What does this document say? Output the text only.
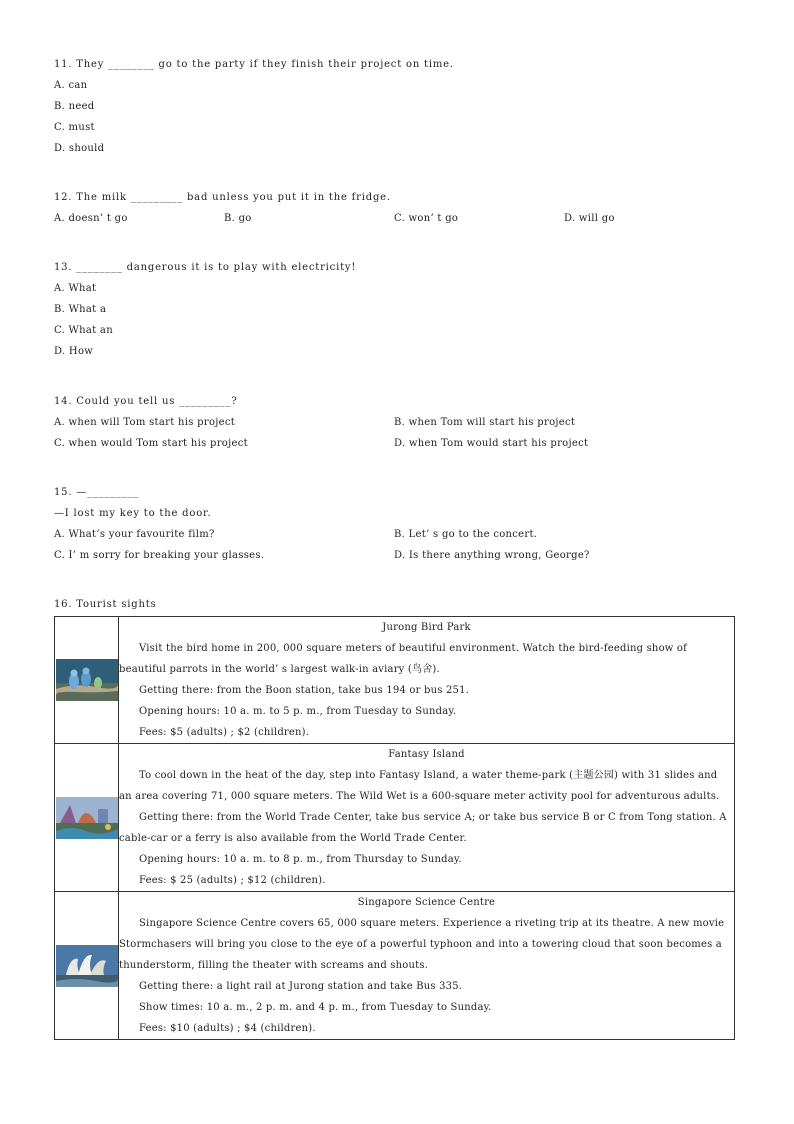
11. They ________ go to the party if they finish their project on time.
A. can
B. need
C. must
D. should
12. The milk _________ bad unless you put it in the fridge.
A. doesn’ t go	B. go	C. won’ t go	D. will go
13. ________ dangerous it is to play with electricity!
A. What
B. What a
C. What an
D. How
14. Could you tell us _________?
A. when will Tom start his project	B. when Tom will start his project
C. when would Tom start his project	D. when Tom would start his project
15. —_________
—I lost my key to the door.
A. What’s your favourite film?	B. Let’ s go to the concert.
C. I’ m sorry for breaking your glasses.	D. Is there anything wrong, George?
16. Tourist sights

Jurong Bird Park
Visit the bird home in 200, 000 square meters of beautiful environment. Watch the bird-feeding show of beautiful parrots in the world’ s largest walk-in aviary (鸟舍).
Getting there: from the Boon station, take bus 194 or bus 251.
Opening hours: 10 a. m. to 5 p. m., from Tuesday to Sunday.
Fees: $5 (adults) ; $2 (children).

Fantasy Island
To cool down in the heat of the day, step into Fantasy Island, a water theme-park (主题公园) with 31 slides and an area covering 71, 000 square meters. The Wild Wet is a 600-square meter activity pool for adventurous adults.
Getting there: from the World Trade Center, take bus service A; or take bus service B or C from Tong station. A cable-car or a ferry is also available from the World Trade Center.
Opening hours: 10 a. m. to 8 p. m., from Thursday to Sunday.
Fees: $ 25 (adults) ; $12 (children).

Singapore Science Centre
Singapore Science Centre covers 65, 000 square meters. Experience a riveting trip at its theatre. A new movie Stormchasers will bring you close to the eye of a powerful typhoon and into a towering cloud that soon becomes a thunderstorm, filling the theater with screams and shouts.
Getting there: a light rail at Jurong station and take Bus 335.
Show times: 10 a. m., 2 p. m. and 4 p. m., from Tuesday to Sunday.
Fees: $10 (adults) ; $4 (children).
